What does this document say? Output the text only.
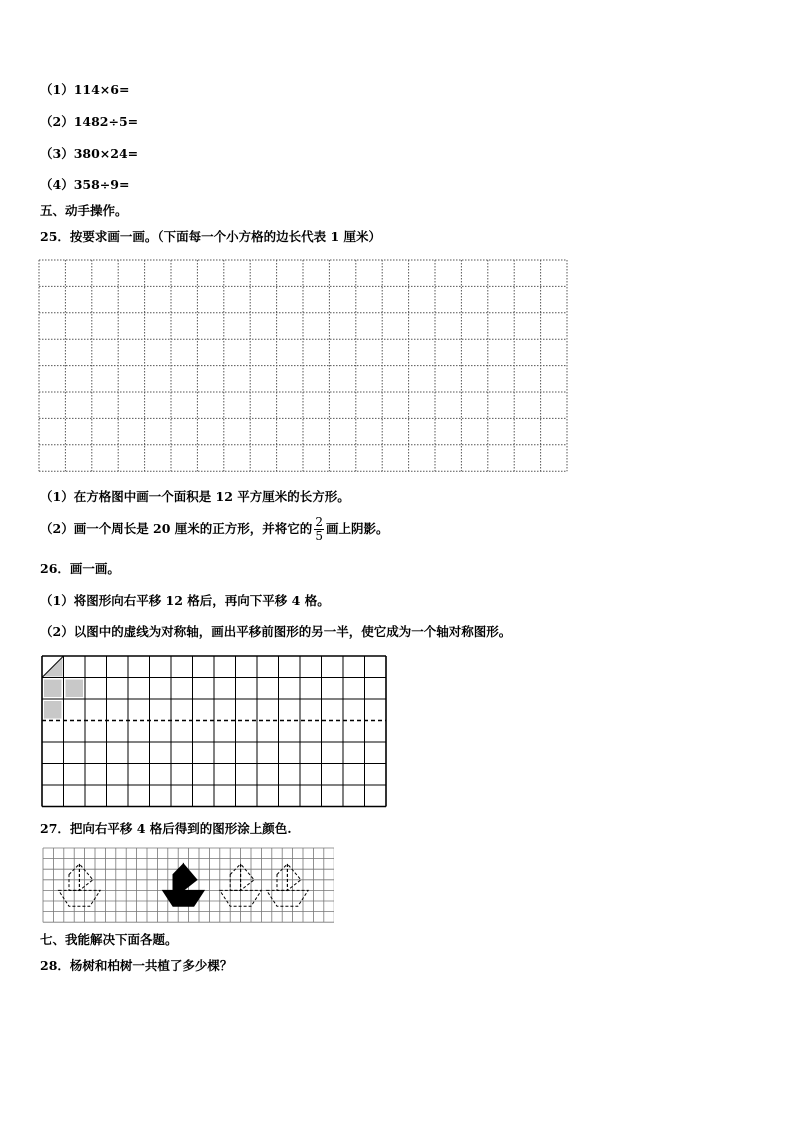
（1）114×6=
（2）1482÷5=
（3）380×24=
（4）358÷9=
五、动手操作。
25．按要求画一画。（下面每一个小方格的边长代表 1 厘米）
（1）在方格图中画一个面积是 12 平方厘米的长方形。
（2）画一个周长是 20 厘米的正方形，并将它的 $\frac{2}{5}$ 画上阴影。
26．画一画。
（1）将图形向右平移 12 格后，再向下平移 4 格。
（2）以图中的虚线为对称轴，画出平移前图形的另一半，使它成为一个轴对称图形。
27．把向右平移 4 格后得到的图形涂上颜色.
七、我能解决下面各题。
28．杨树和柏树一共植了多少棵？
